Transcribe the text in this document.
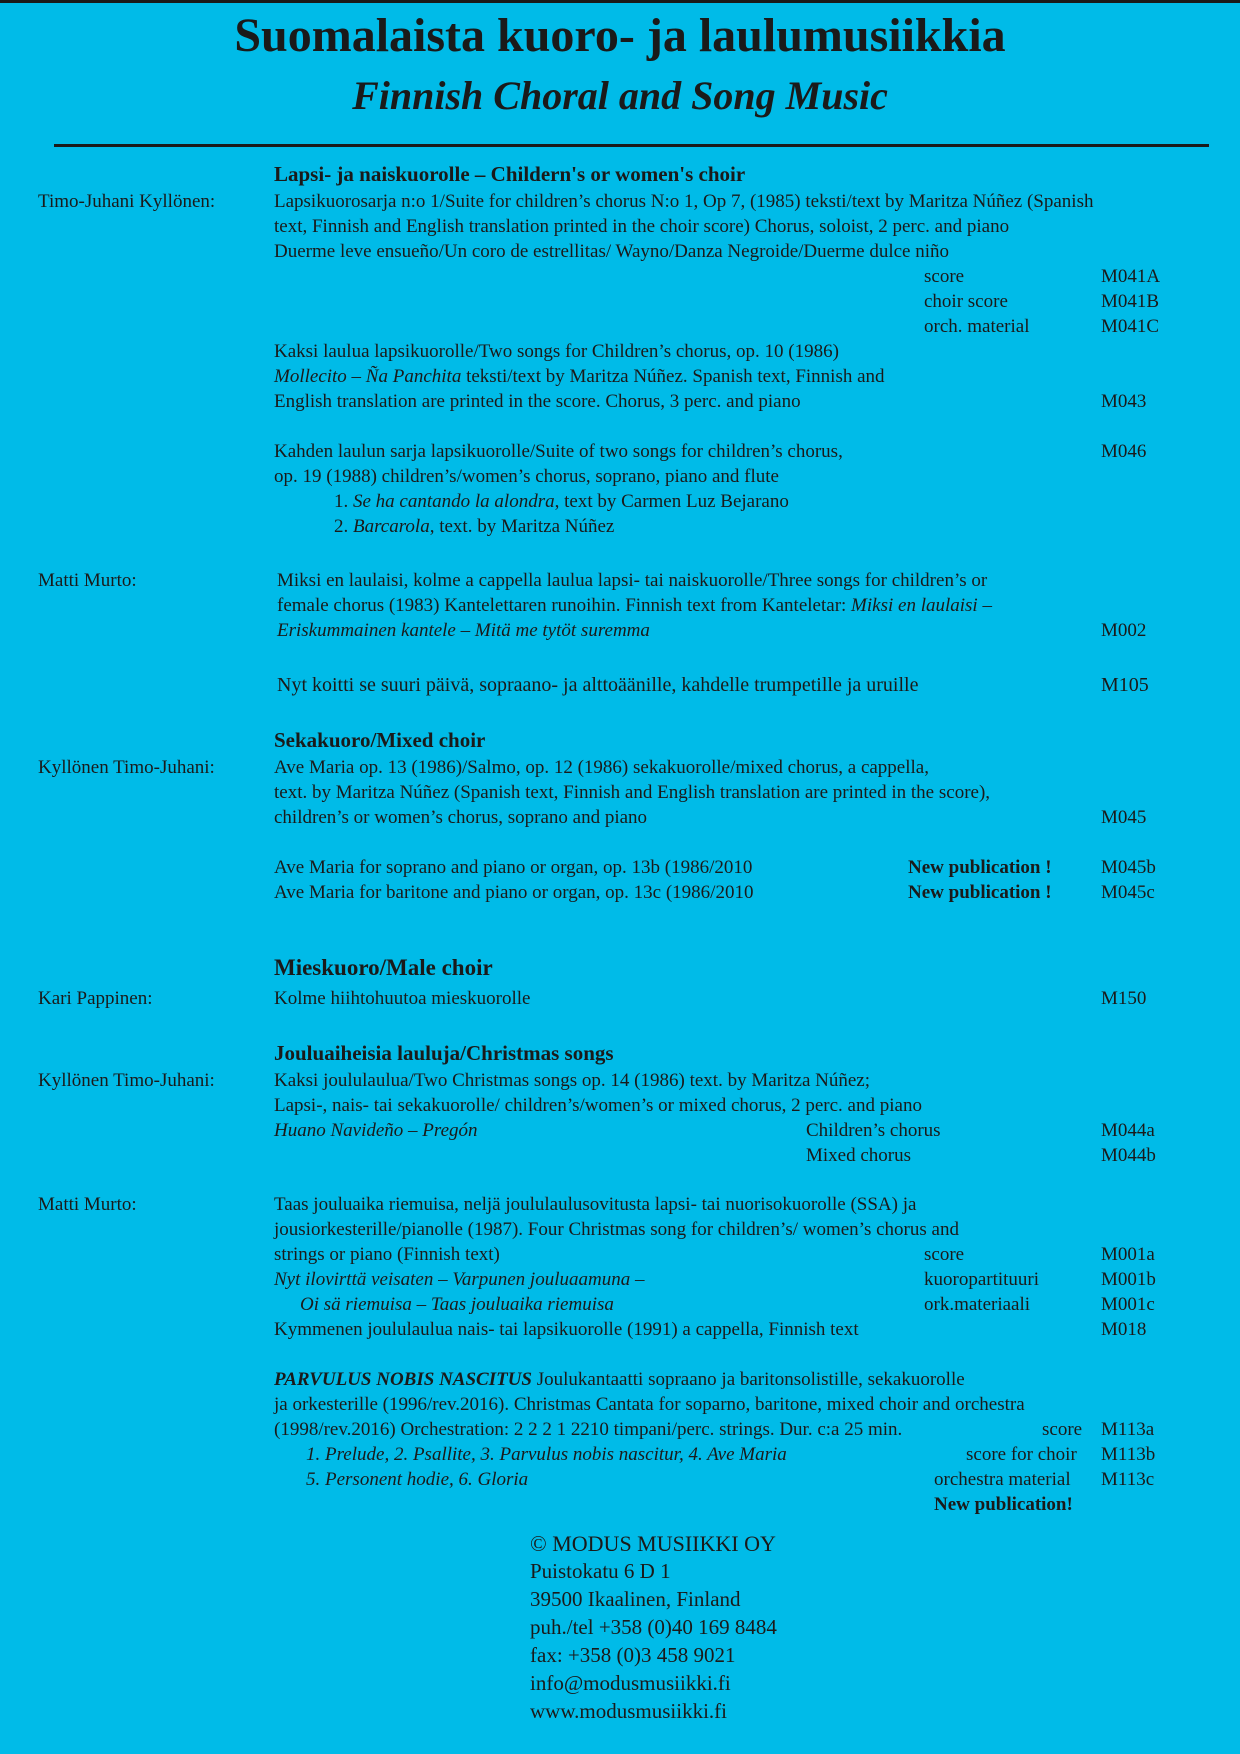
Suomalaista kuoro- ja laulumusiikkia
Finnish Choral and Song Music
Lapsi- ja naiskuorolle – Childern's or women's choir
Timo-Juhani Kyllönen:	Lapsikuorosarja n:o 1/Suite for children’s chorus N:o 1, Op 7, (1985) teksti/text by Maritza Núñez (Spanish
text, Finnish and English translation printed in the choir score) Chorus, soloist, 2 perc. and piano
Duerme leve ensueño/Un coro de estrellitas/ Wayno/Danza Negroide/Duerme dulce niño
score	M041A
choir score	M041B
orch. material	M041C
Kaksi laulua lapsikuorolle/Two songs for Children’s chorus, op. 10 (1986)
Mollecito – Ña Panchita teksti/text by Maritza Núñez. Spanish text, Finnish and
English translation are printed in the score. Chorus, 3 perc. and piano	M043
Kahden laulun sarja lapsikuorolle/Suite of two songs for children’s chorus,	M046
op. 19 (1988) children’s/women’s chorus, soprano, piano and flute
1. Se ha cantando la alondra, text by Carmen Luz Bejarano
2. Barcarola, text. by Maritza Núñez
Matti Murto:	Miksi en laulaisi, kolme a cappella laulua lapsi- tai naiskuorolle/Three songs for children’s or
female chorus (1983) Kantelettaren runoihin. Finnish text from Kanteletar: Miksi en laulaisi –
Eriskummainen kantele – Mitä me tytöt suremma	M002
Nyt koitti se suuri päivä, sopraano- ja alttoäänille, kahdelle trumpetille ja uruille	M105
Sekakuoro/Mixed choir
Kyllönen Timo-Juhani:	Ave Maria op. 13 (1986)/Salmo, op. 12 (1986) sekakuorolle/mixed chorus, a cappella,
text. by Maritza Núñez (Spanish text, Finnish and English translation are printed in the score),
children’s or women’s chorus, soprano and piano	M045
Ave Maria for soprano and piano or organ, op. 13b (1986/2010	New publication !	M045b
Ave Maria for baritone and piano or organ, op. 13c (1986/2010	New publication !	M045c
Mieskuoro/Male choir
Kari Pappinen:	Kolme hiihtohuutoa mieskuorolle	M150
Jouluaiheisia lauluja/Christmas songs
Kyllönen Timo-Juhani:	Kaksi joululaulua/Two Christmas songs op. 14 (1986) text. by Maritza Núñez;
Lapsi-, nais- tai sekakuorolle/ children’s/women’s or mixed chorus, 2 perc. and piano
Huano Navideño – Pregón	Children’s chorus	M044a
Mixed chorus	M044b
Matti Murto:	Taas jouluaika riemuisa, neljä joululaulusovitusta lapsi- tai nuorisokuorolle (SSA) ja
jousiorkesterille/pianolle (1987). Four Christmas song for children’s/ women’s chorus and
strings or piano (Finnish text)	score	M001a
Nyt ilovirttä veisaten – Varpunen jouluaamuna –	kuoropartituuri	M001b
Oi sä riemuisa – Taas jouluaika riemuisa	ork.materiaali	M001c
Kymmenen joululaulua nais- tai lapsikuorolle (1991) a cappella, Finnish text	M018
PARVULUS NOBIS NASCITUS Joulukantaatti sopraano ja baritonsolistille, sekakuorolle
ja orkesterille (1996/rev.2016). Christmas Cantata for soparno, baritone, mixed choir and orchestra
(1998/rev.2016) Orchestration: 2 2 2 1 2210 timpani/perc. strings. Dur. c:a 25 min.	score M113a
1. Prelude, 2. Psallite, 3. Parvulus nobis nascitur, 4. Ave Maria	score for choir M113b
5. Personent hodie, 6. Gloria	orchestra material M113c
New publication!
© MODUS MUSIIKKI OY
Puistokatu 6 D 1
39500 Ikaalinen, Finland
puh./tel +358 (0)40 169 8484
fax: +358 (0)3 458 9021
info@modusmusiikki.fi
www.modusmusiikki.fi
